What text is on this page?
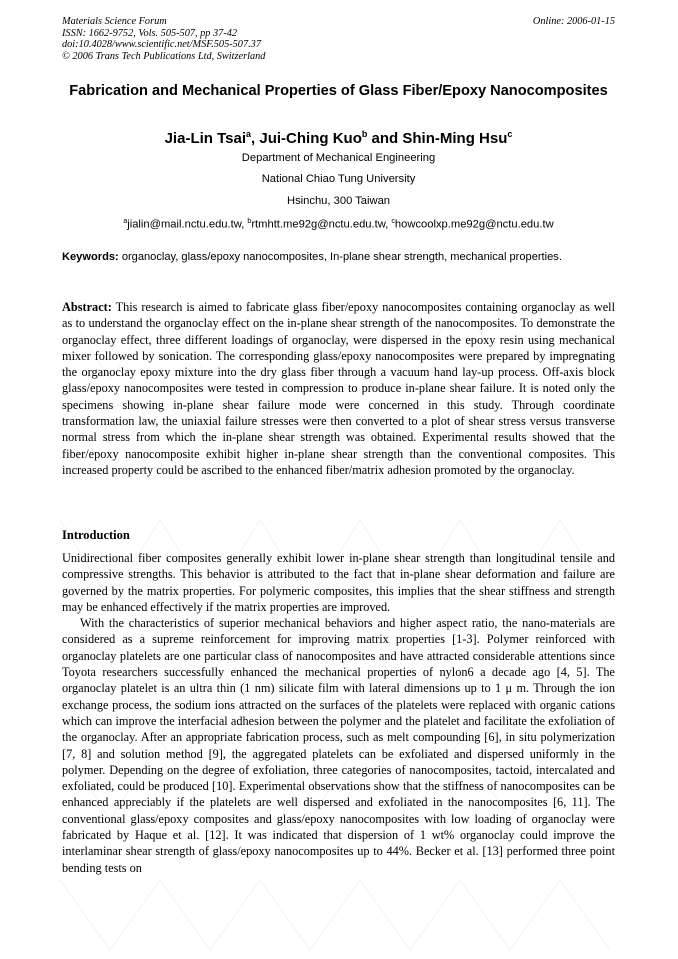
Materials Science Forum
ISSN: 1662-9752, Vols. 505-507, pp 37-42
doi:10.4028/www.scientific.net/MSF.505-507.37
© 2006 Trans Tech Publications Ltd, Switzerland
Online: 2006-01-15
Fabrication and Mechanical Properties of Glass Fiber/Epoxy Nanocomposites
Jia-Lin Tsai$^a$, Jui-Ching Kuo$^b$ and Shin-Ming Hsu$^c$
Department of Mechanical Engineering
National Chiao Tung University
Hsinchu, 300 Taiwan
$^a$jialin@mail.nctu.edu.tw, $^b$rtmhtt.me92g@nctu.edu.tw, $^c$howcoolxp.me92g@nctu.edu.tw
Keywords: organoclay, glass/epoxy nanocomposites, In-plane shear strength, mechanical properties.
Abstract: This research is aimed to fabricate glass fiber/epoxy nanocomposites containing organoclay as well as to understand the organoclay effect on the in-plane shear strength of the nanocomposites. To demonstrate the organoclay effect, three different loadings of organoclay, were dispersed in the epoxy resin using mechanical mixer followed by sonication. The corresponding glass/epoxy nanocomposites were prepared by impregnating the organoclay epoxy mixture into the dry glass fiber through a vacuum hand lay-up process. Off-axis block glass/epoxy nanocomposites were tested in compression to produce in-plane shear failure. It is noted only the specimens showing in-plane shear failure mode were concerned in this study. Through coordinate transformation law, the uniaxial failure stresses were then converted to a plot of shear stress versus transverse normal stress from which the in-plane shear strength was obtained. Experimental results showed that the fiber/epoxy nanocomposite exhibit higher in-plane shear strength than the conventional composites. This increased property could be ascribed to the enhanced fiber/matrix adhesion promoted by the organoclay.
Introduction

Unidirectional fiber composites generally exhibit lower in-plane shear strength than longitudinal tensile and compressive strengths. This behavior is attributed to the fact that in-plane shear deformation and failure are governed by the matrix properties. For polymeric composites, this implies that the shear stiffness and strength may be enhanced effectively if the matrix properties are improved.

With the characteristics of superior mechanical behaviors and higher aspect ratio, the nano-materials are considered as a supreme reinforcement for improving matrix properties [1-3]. Polymer reinforced with organoclay platelets are one particular class of nanocomposites and have attracted considerable attentions since Toyota researchers successfully enhanced the mechanical properties of nylon6 a decade ago [4, 5]. The organoclay platelet is an ultra thin (1 nm) silicate film with lateral dimensions up to 1 μ m. Through the ion exchange process, the sodium ions attracted on the surfaces of the platelets were replaced with organic cations which can improve the interfacial adhesion between the polymer and the platelet and facilitate the exfoliation of the organoclay. After an appropriate fabrication process, such as melt compounding [6], in situ polymerization [7, 8] and solution method [9], the aggregated platelets can be exfoliated and dispersed uniformly in the polymer. Depending on the degree of exfoliation, three categories of nanocomposites, tactoid, intercalated and exfoliated, could be produced [10]. Experimental observations show that the stiffness of nanocomposites can be enhanced appreciably if the platelets are well dispersed and exfoliated in the nanocomposites [6, 11]. The conventional glass/epoxy composites and glass/epoxy nanocomposites with low loading of organoclay were fabricated by Haque et al. [12]. It was indicated that dispersion of 1 wt% organoclay could improve the interlaminar shear strength of glass/epoxy nanocomposites up to 44%. Becker et al. [13] performed three point bending tests on
